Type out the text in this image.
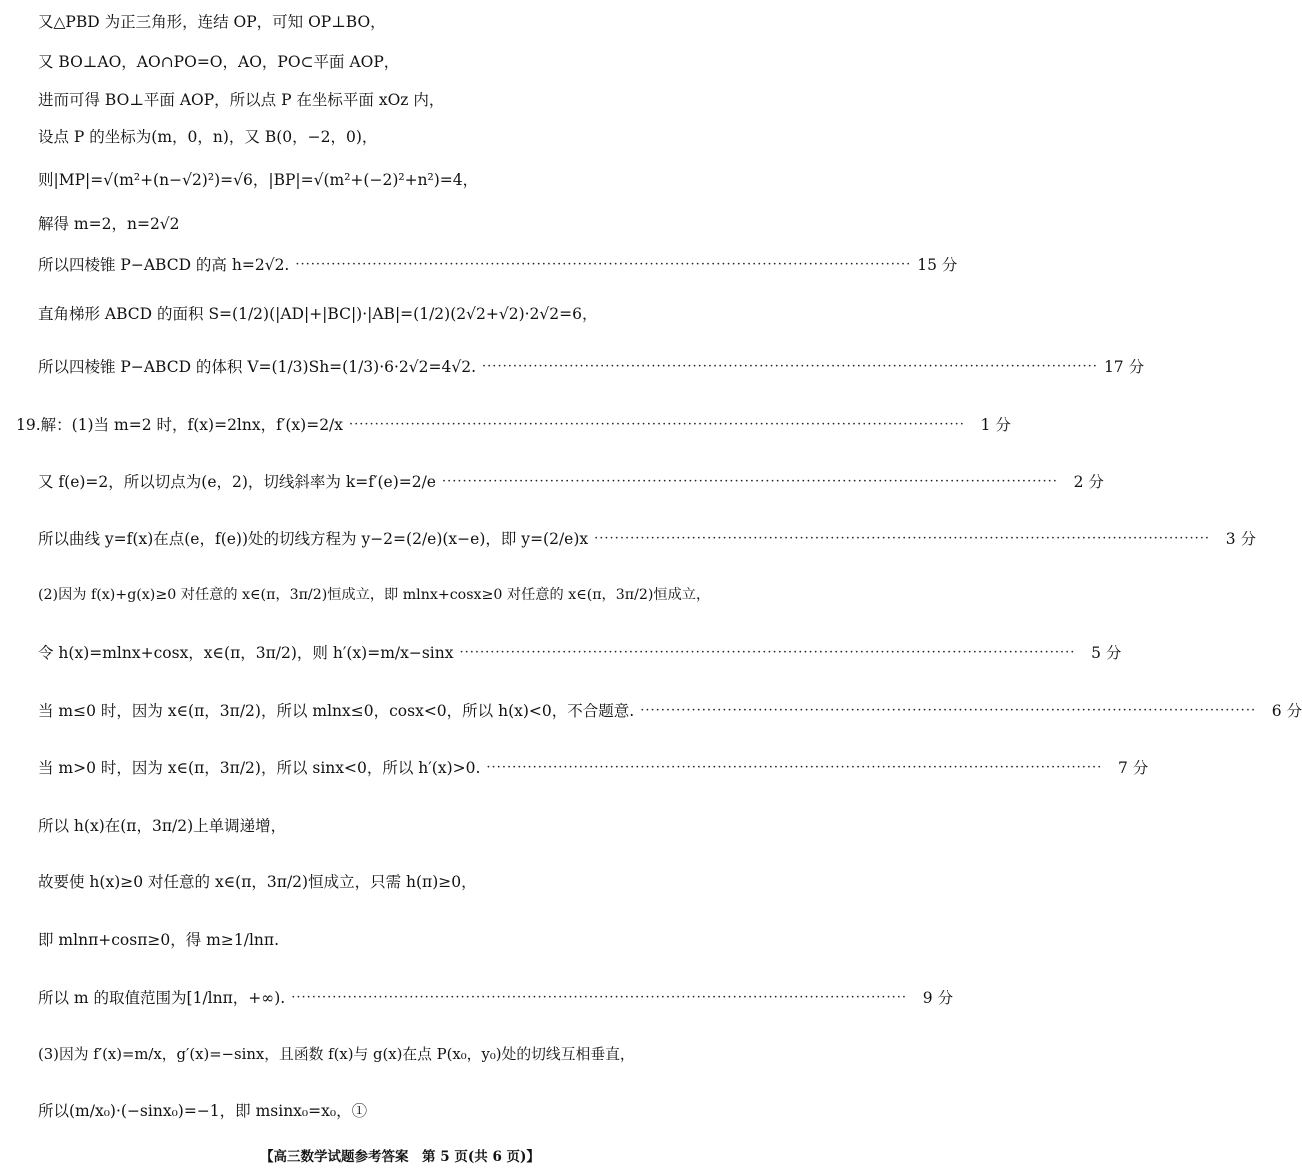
又△PBD 为正三角形，连结 OP，可知 OP⊥BO，
又 BO⊥AO，AO∩PO=O，AO，PO⊂平面 AOP，
进而可得 BO⊥平面 AOP，所以点 P 在坐标平面 xOz 内，
设点 P 的坐标为(m，0，n)，又 B(0，−2，0)，
则|MP|=√(m²+(n−√2)²)=√6，|BP|=√(m²+(−2)²+n²)=4，
解得 m=2，n=2√2
所以四棱锥 P−ABCD 的高 h=2√2. ························································································································ 15 分
直角梯形 ABCD 的面积 S=(1/2)(|AD|+|BC|)·|AB|=(1/2)(2√2+√2)·2√2=6，
所以四棱锥 P−ABCD 的体积 V=(1/3)Sh=(1/3)·6·2√2=4√2. ························································································································ 17 分
19.解：(1)当 m=2 时，f(x)=2lnx，f′(x)=2/x ························································································································	1 分
又 f(e)=2，所以切点为(e，2)，切线斜率为 k=f′(e)=2/e ························································································································	2 分
所以曲线 y=f(x)在点(e，f(e))处的切线方程为 y−2=(2/e)(x−e)，即 y=(2/e)x ························································································································	3 分
(2)因为 f(x)+g(x)≥0 对任意的 x∈(π，3π/2)恒成立，即 mlnx+cosx≥0 对任意的 x∈(π，3π/2)恒成立，
令 h(x)=mlnx+cosx，x∈(π，3π/2)，则 h′(x)=m/x−sinx ························································································································	5 分
当 m≤0 时，因为 x∈(π，3π/2)，所以 mlnx≤0，cosx<0，所以 h(x)<0，不合题意. ························································································································	6 分
当 m>0 时，因为 x∈(π，3π/2)，所以 sinx<0，所以 h′(x)>0. ························································································································	7 分
所以 h(x)在(π，3π/2)上单调递增，
故要使 h(x)≥0 对任意的 x∈(π，3π/2)恒成立，只需 h(π)≥0，
即 mlnπ+cosπ≥0，得 m≥1/lnπ.
所以 m 的取值范围为[1/lnπ，+∞). ························································································································	9 分
(3)因为 f′(x)=m/x，g′(x)=−sinx，且函数 f(x)与 g(x)在点 P(x₀，y₀)处的切线互相垂直，
所以(m/x₀)·(−sinx₀)=−1，即 msinx₀=x₀，①
【高三数学试题参考答案　第 5 页(共 6 页)】
